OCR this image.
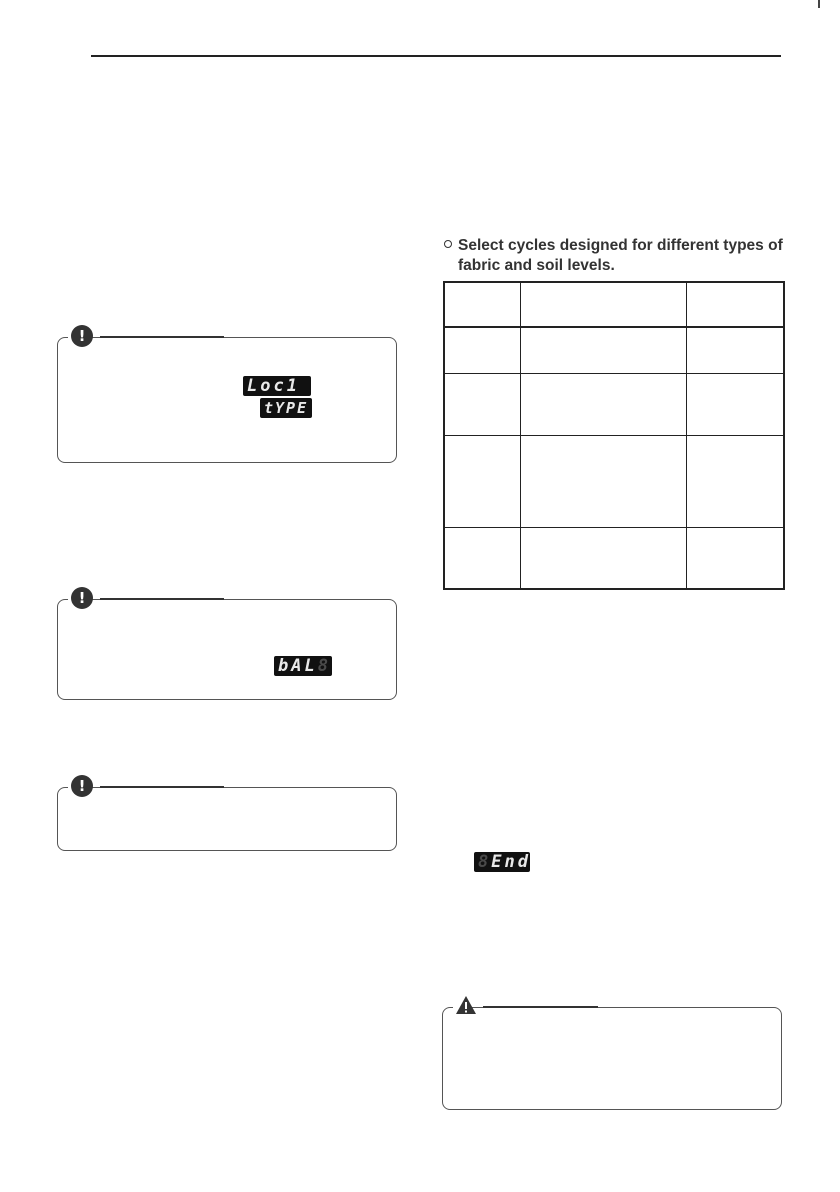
!
Loc1
tYPE
!
bAL8
!
Select cycles designed for different types of fabric and soil levels.

8End
